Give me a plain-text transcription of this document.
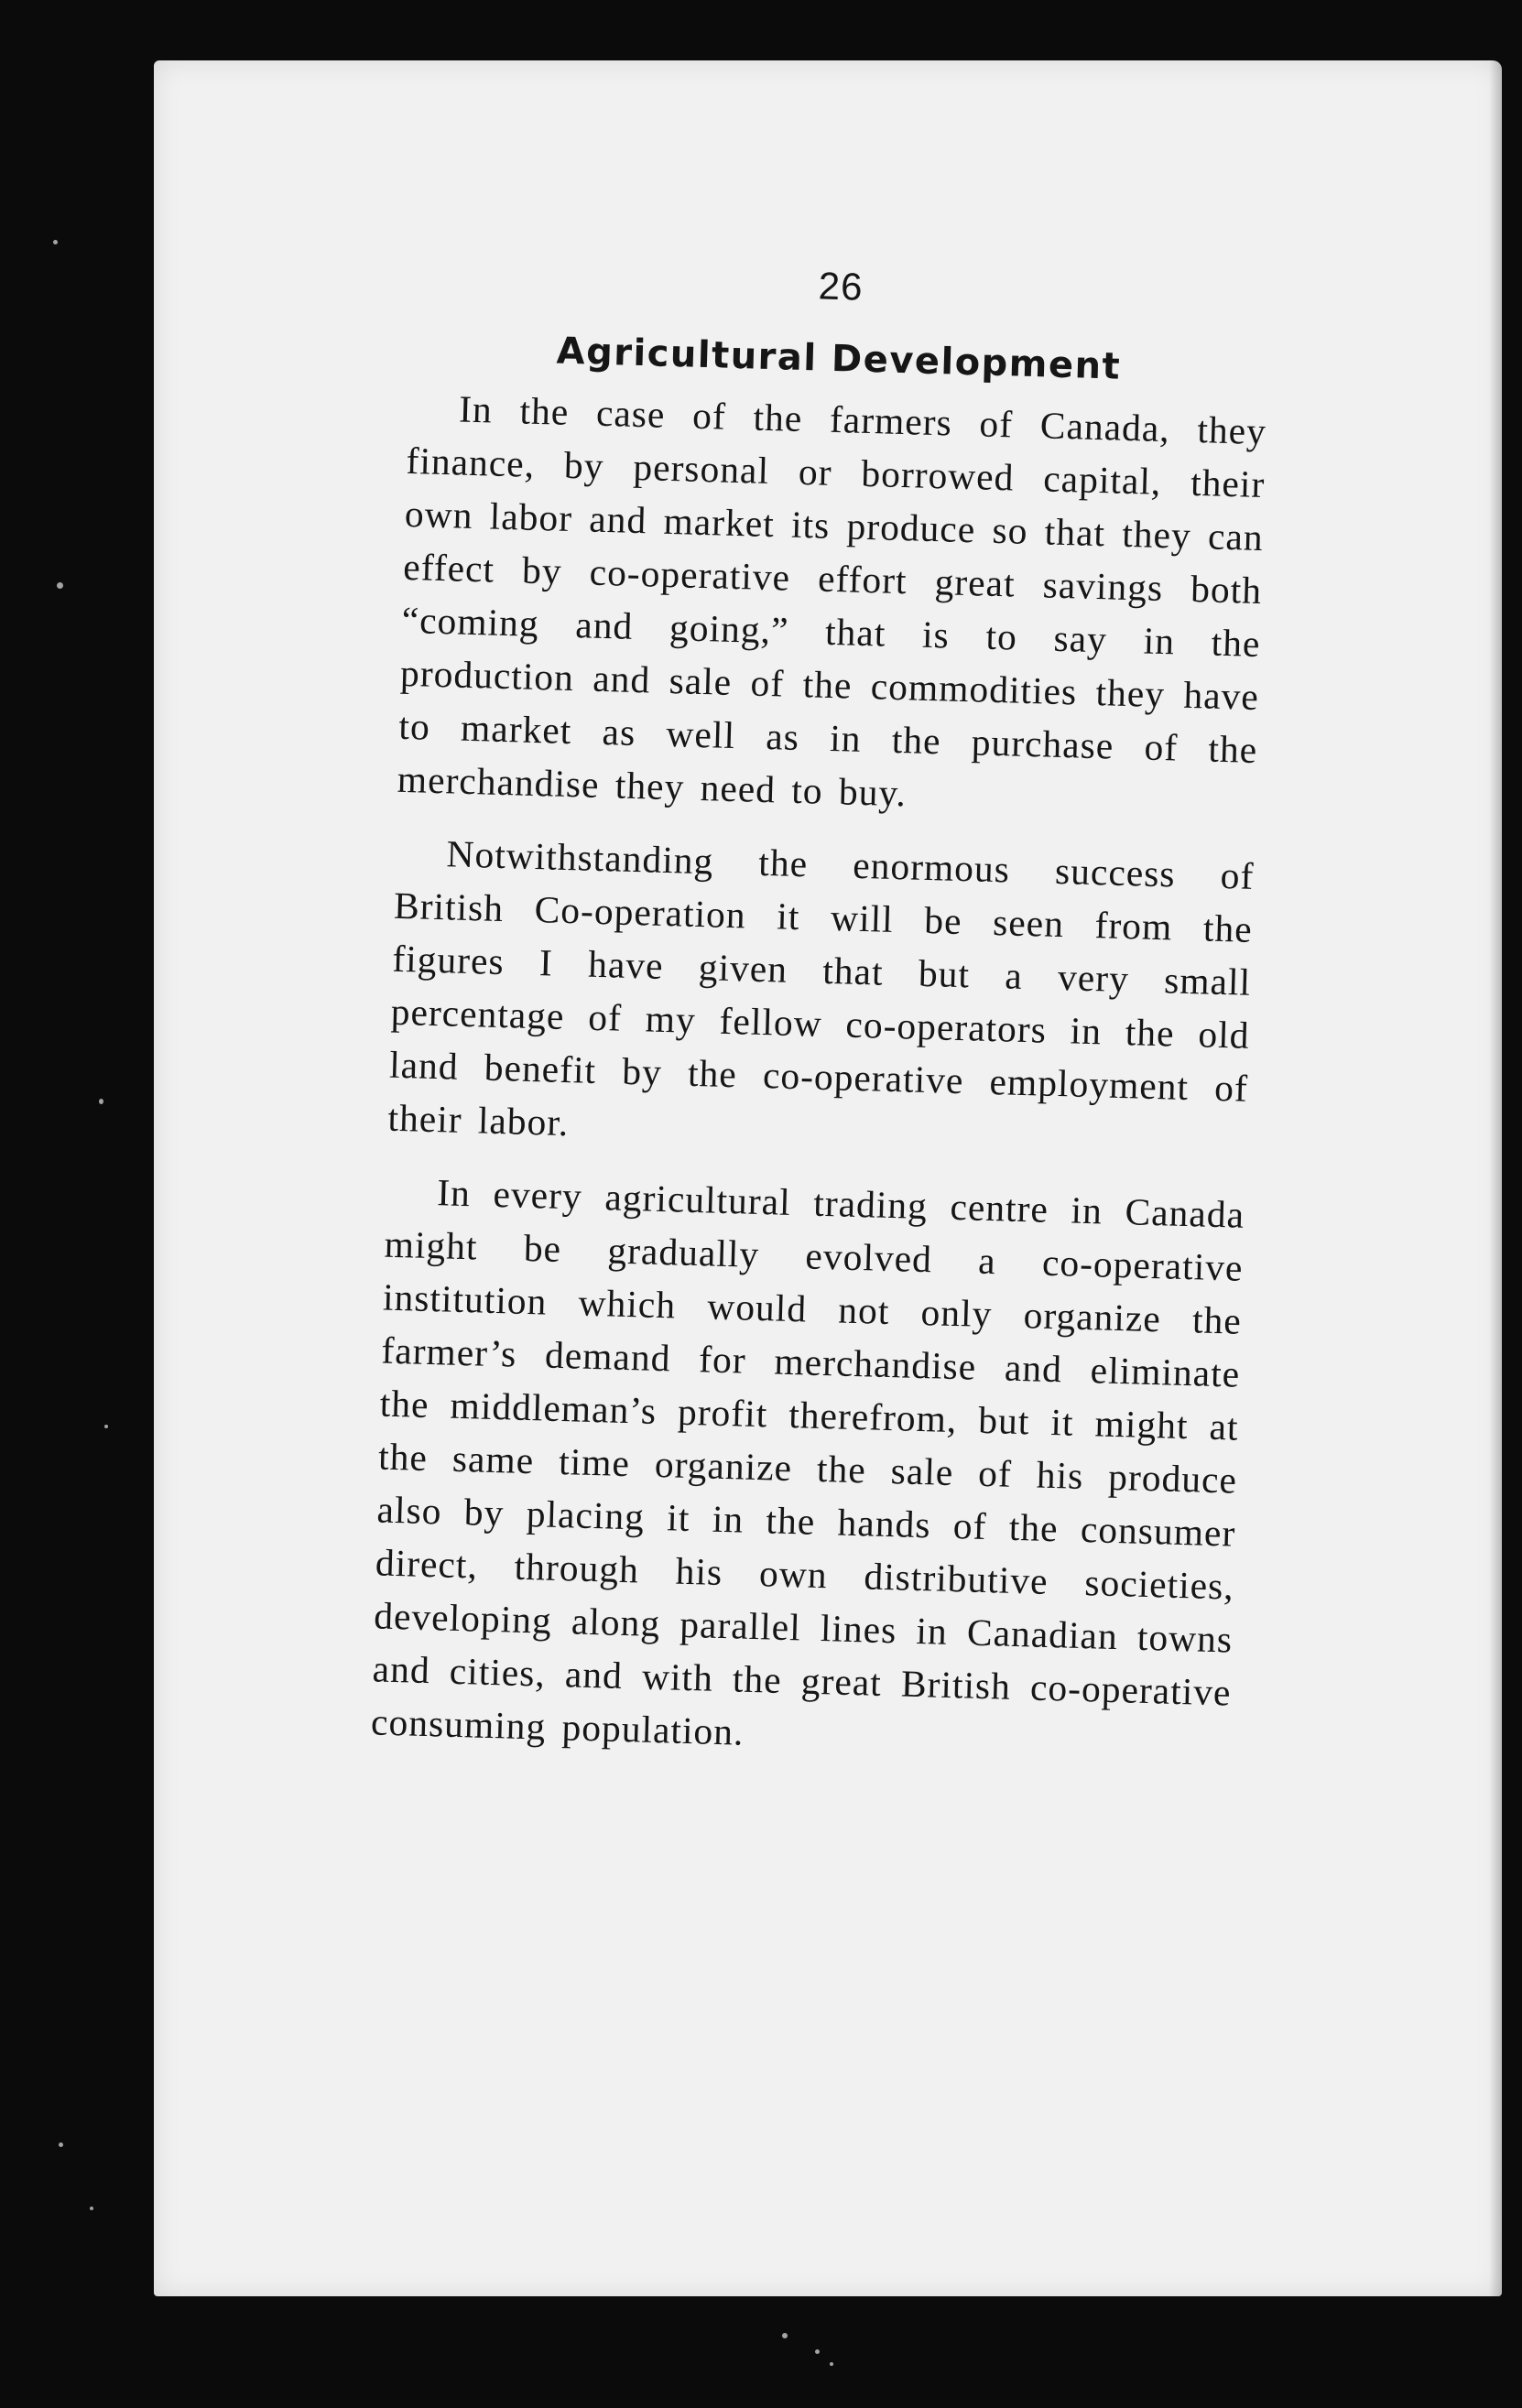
26
Agricultural Development

In the case of the farmers of Canada, they finance, by personal or borrowed capital, their own labor and market its produce so that they can effect by co-operative effort great savings both “coming and going,” that is to say in the production and sale of the commodities they have to market as well as in the purchase of the merchandise they need to buy.

Notwithstanding the enormous success of British Co-operation it will be seen from the figures I have given that but a very small percentage of my fellow co-operators in the old land benefit by the co-operative employment of their labor.

In every agricultural trading centre in Canada might be gradually evolved a co-operative institution which would not only organize the farmer’s demand for merchandise and eliminate the middleman’s profit therefrom, but it might at the same time organize the sale of his produce also by placing it in the hands of the consumer direct, through his own distributive societies, developing along parallel lines in Canadian towns and cities, and with the great British co-operative consuming population.
